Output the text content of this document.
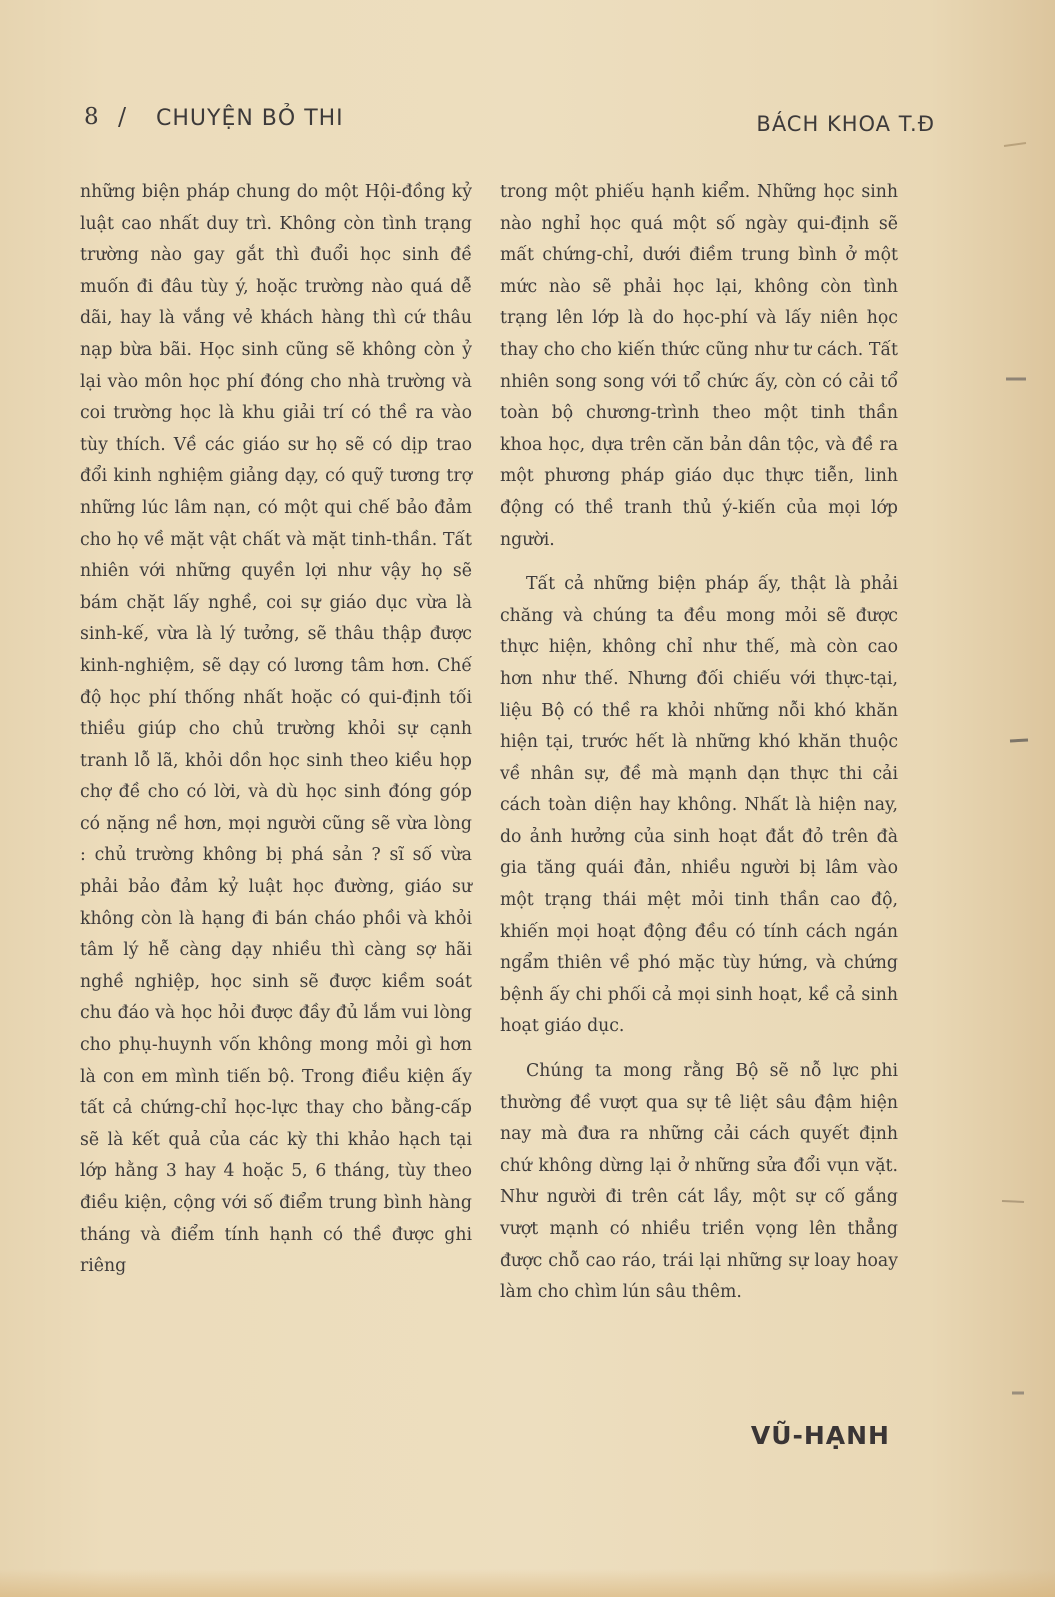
8 / CHUYỆN BỎ THI	BÁCH KHOA T.Đ

những biện pháp chung do một Hội-đồng kỷ luật cao nhất duy trì. Không còn tình trạng trường nào gay gắt thì đuổi học sinh đề muốn đi đâu tùy ý, hoặc trường nào quá dễ dãi, hay là vắng vẻ khách hàng thì cứ thâu nạp bừa bãi. Học sinh cũng sẽ không còn ỷ lại vào môn học phí đóng cho nhà trường và coi trường học là khu giải trí có thề ra vào tùy thích. Về các giáo sư họ sẽ có dịp trao đổi kinh nghiệm giảng dạy, có quỹ tương trợ những lúc lâm nạn, có một qui chế bảo đảm cho họ về mặt vật chất và mặt tinh-thần. Tất nhiên với những quyền lợi như vậy họ sẽ bám chặt lấy nghề, coi sự giáo dục vừa là sinh-kế, vừa là lý tưởng, sẽ thâu thập được kinh-nghiệm, sẽ dạy có lương tâm hơn. Chế độ học phí thống nhất hoặc có qui-định tối thiều giúp cho chủ trường khỏi sự cạnh tranh lỗ lã, khỏi dồn học sinh theo kiều họp chợ đề cho có lời, và dù học sinh đóng góp có nặng nề hơn, mọi người cũng sẽ vừa lòng : chủ trường không bị phá sản ? sĩ số vừa phải bảo đảm kỷ luật học đường, giáo sư không còn là hạng đi bán cháo phồi và khỏi tâm lý hễ càng dạy nhiều thì càng sợ hãi nghề nghiệp, học sinh sẽ được kiềm soát chu đáo và học hỏi được đầy đủ lắm vui lòng cho phụ-huynh vốn không mong mỏi gì hơn là con em mình tiến bộ. Trong điều kiện ấy tất cả chứng-chỉ học-lực thay cho bằng-cấp sẽ là kết quả của các kỳ thi khảo hạch tại lớp hằng 3 hay 4 hoặc 5, 6 tháng, tùy theo điều kiện, cộng với số điểm trung bình hàng tháng và điểm tính hạnh có thề được ghi riêng

trong một phiếu hạnh kiểm. Những học sinh nào nghỉ học quá một số ngày qui-định sẽ mất chứng-chỉ, dưới điềm trung bình ở một mức nào sẽ phải học lại, không còn tình trạng lên lớp là do học-phí và lấy niên học thay cho cho kiến thức cũng như tư cách. Tất nhiên song song với tổ chức ấy, còn có cải tổ toàn bộ chương-trình theo một tinh thần khoa học, dựa trên căn bản dân tộc, và đề ra một phương pháp giáo dục thực tiễn, linh động có thề tranh thủ ý-kiến của mọi lớp người.

Tất cả những biện pháp ấy, thật là phải chăng và chúng ta đều mong mỏi sẽ được thực hiện, không chỉ như thế, mà còn cao hơn như thế. Nhưng đối chiếu với thực-tại, liệu Bộ có thề ra khỏi những nỗi khó khăn hiện tại, trước hết là những khó khăn thuộc về nhân sự, đề mà mạnh dạn thực thi cải cách toàn diện hay không. Nhất là hiện nay, do ảnh hưởng của sinh hoạt đắt đỏ trên đà gia tăng quái đản, nhiều người bị lâm vào một trạng thái mệt mỏi tinh thần cao độ, khiến mọi hoạt động đều có tính cách ngán ngẩm thiên về phó mặc tùy hứng, và chứng bệnh ấy chi phối cả mọi sinh hoạt, kề cả sinh hoạt giáo dục.

Chúng ta mong rằng Bộ sẽ nỗ lực phi thường đề vượt qua sự tê liệt sâu đậm hiện nay mà đưa ra những cải cách quyết định chứ không dừng lại ở những sửa đổi vụn vặt. Như người đi trên cát lầy, một sự cố gắng vượt mạnh có nhiều triền vọng lên thẳng được chỗ cao ráo, trái lại những sự loay hoay làm cho chìm lún sâu thêm.

VŨ-HẠNH
